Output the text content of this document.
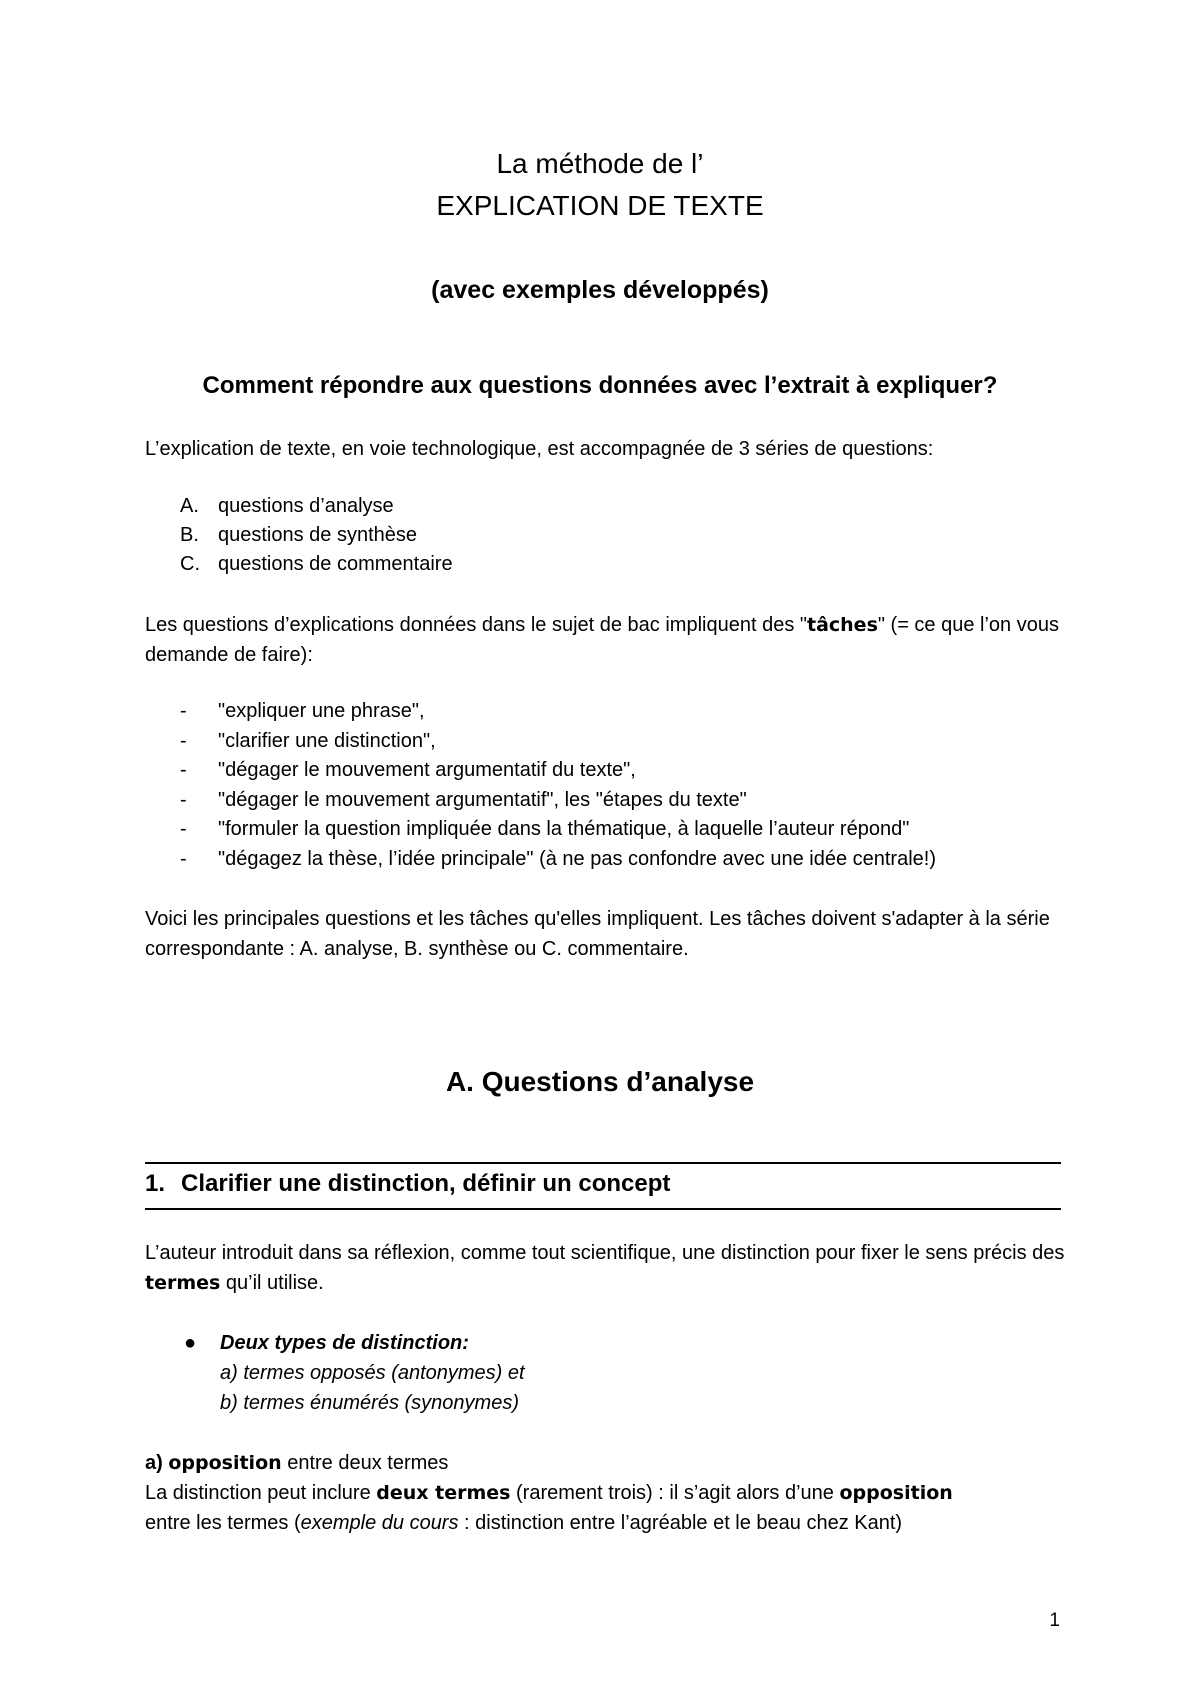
La méthode de l’
EXPLICATION DE TEXTE
(avec exemples développés)
Comment répondre aux questions données avec l’extrait à expliquer?

L’explication de texte, en voie technologique, est accompagnée de 3 séries de questions:

A. questions d’analyse
B. questions de synthèse
C. questions de commentaire

Les questions d’explications données dans le sujet de bac impliquent des "tâches" (= ce que l’on vous demande de faire):

- "expliquer une phrase",
- "clarifier une distinction",
- "dégager le mouvement argumentatif du texte",
- "dégager le mouvement argumentatif", les "étapes du texte"
- "formuler la question impliquée dans la thématique, à laquelle l’auteur répond"
- "dégagez la thèse, l’idée principale" (à ne pas confondre avec une idée centrale!)

Voici les principales questions et les tâches qu'elles impliquent. Les tâches doivent s'adapter à la série correspondante : A. analyse, B. synthèse ou C. commentaire.

A. Questions d’analyse
1. Clarifier une distinction, définir un concept

L’auteur introduit dans sa réflexion, comme tout scientifique, une distinction pour fixer le sens précis des termes qu’il utilise.

● Deux types de distinction:
a) termes opposés (antonymes) et
b) termes énumérés (synonymes)
a) opposition entre deux termes
La distinction peut inclure deux termes (rarement trois) : il s’agit alors d’une opposition
entre les termes (exemple du cours : distinction entre l’agréable et le beau chez Kant)
1
